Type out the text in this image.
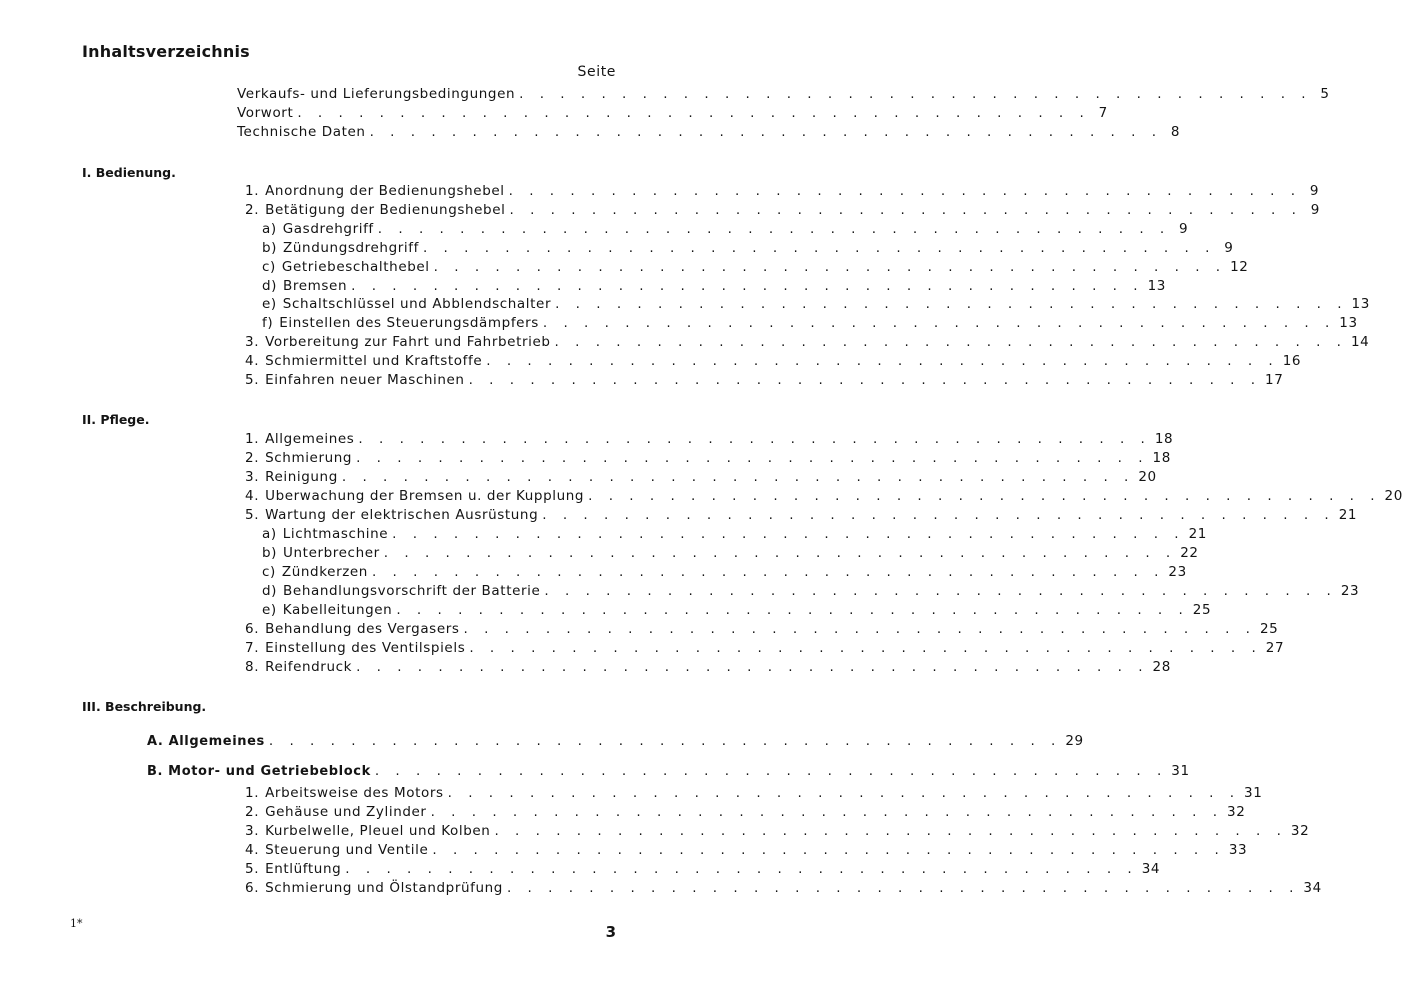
Inhaltsverzeichnis
Seite
Verkaufs- und Lieferungsbedingungen . . . . . . . . . . . . . . . . . . . . . . . . . . . . . . . . . . . . . . . 5
Vorwort . . . . . . . . . . . . . . . . . . . . . . . . . . . . . . . . . . . . . . . 7
Technische Daten . . . . . . . . . . . . . . . . . . . . . . . . . . . . . . . . . . . . . . . 8
I. Bedienung.
1. Anordnung der Bedienungshebel . . . . . . . . . . . . . . . . . . . . . . . . . . . . . . . . . . . . . . . 9
2. Betätigung der Bedienungshebel . . . . . . . . . . . . . . . . . . . . . . . . . . . . . . . . . . . . . . . 9
a) Gasdrehgriff . . . . . . . . . . . . . . . . . . . . . . . . . . . . . . . . . . . . . . . 9
b) Zündungsdrehgriff . . . . . . . . . . . . . . . . . . . . . . . . . . . . . . . . . . . . . . . 9
c) Getriebeschalthebel . . . . . . . . . . . . . . . . . . . . . . . . . . . . . . . . . . . . . . . 12
d) Bremsen . . . . . . . . . . . . . . . . . . . . . . . . . . . . . . . . . . . . . . . 13
e) Schaltschlüssel und Abblendschalter . . . . . . . . . . . . . . . . . . . . . . . . . . . . . . . . . . . . . . . 13
f) Einstellen des Steuerungsdämpfers . . . . . . . . . . . . . . . . . . . . . . . . . . . . . . . . . . . . . . . 13
3. Vorbereitung zur Fahrt und Fahrbetrieb . . . . . . . . . . . . . . . . . . . . . . . . . . . . . . . . . . . . . . . 14
4. Schmiermittel und Kraftstoffe . . . . . . . . . . . . . . . . . . . . . . . . . . . . . . . . . . . . . . . 16
5. Einfahren neuer Maschinen . . . . . . . . . . . . . . . . . . . . . . . . . . . . . . . . . . . . . . . 17
II. Pflege.
1. Allgemeines . . . . . . . . . . . . . . . . . . . . . . . . . . . . . . . . . . . . . . . 18
2. Schmierung . . . . . . . . . . . . . . . . . . . . . . . . . . . . . . . . . . . . . . . 18
3. Reinigung . . . . . . . . . . . . . . . . . . . . . . . . . . . . . . . . . . . . . . . 20
4. Uberwachung der Bremsen u. der Kupplung . . . . . . . . . . . . . . . . . . . . . . . . . . . . . . . . . . . . . . . 20
5. Wartung der elektrischen Ausrüstung . . . . . . . . . . . . . . . . . . . . . . . . . . . . . . . . . . . . . . . 21
a) Lichtmaschine . . . . . . . . . . . . . . . . . . . . . . . . . . . . . . . . . . . . . . . 21
b) Unterbrecher . . . . . . . . . . . . . . . . . . . . . . . . . . . . . . . . . . . . . . . 22
c) Zündkerzen . . . . . . . . . . . . . . . . . . . . . . . . . . . . . . . . . . . . . . . 23
d) Behandlungsvorschrift der Batterie . . . . . . . . . . . . . . . . . . . . . . . . . . . . . . . . . . . . . . . 23
e) Kabelleitungen . . . . . . . . . . . . . . . . . . . . . . . . . . . . . . . . . . . . . . . 25
6. Behandlung des Vergasers . . . . . . . . . . . . . . . . . . . . . . . . . . . . . . . . . . . . . . . 25
7. Einstellung des Ventilspiels . . . . . . . . . . . . . . . . . . . . . . . . . . . . . . . . . . . . . . . 27
8. Reifendruck . . . . . . . . . . . . . . . . . . . . . . . . . . . . . . . . . . . . . . . 28
III. Beschreibung.
A. Allgemeines . . . . . . . . . . . . . . . . . . . . . . . . . . . . . . . . . . . . . . . 29
B. Motor- und Getriebeblock . . . . . . . . . . . . . . . . . . . . . . . . . . . . . . . . . . . . . . . 31
1. Arbeitsweise des Motors . . . . . . . . . . . . . . . . . . . . . . . . . . . . . . . . . . . . . . . 31
2. Gehäuse und Zylinder . . . . . . . . . . . . . . . . . . . . . . . . . . . . . . . . . . . . . . . 32
3. Kurbelwelle, Pleuel und Kolben . . . . . . . . . . . . . . . . . . . . . . . . . . . . . . . . . . . . . . . 32
4. Steuerung und Ventile . . . . . . . . . . . . . . . . . . . . . . . . . . . . . . . . . . . . . . . 33
5. Entlüftung . . . . . . . . . . . . . . . . . . . . . . . . . . . . . . . . . . . . . . . 34
6. Schmierung und Ölstandprüfung . . . . . . . . . . . . . . . . . . . . . . . . . . . . . . . . . . . . . . . 34
1*	3
